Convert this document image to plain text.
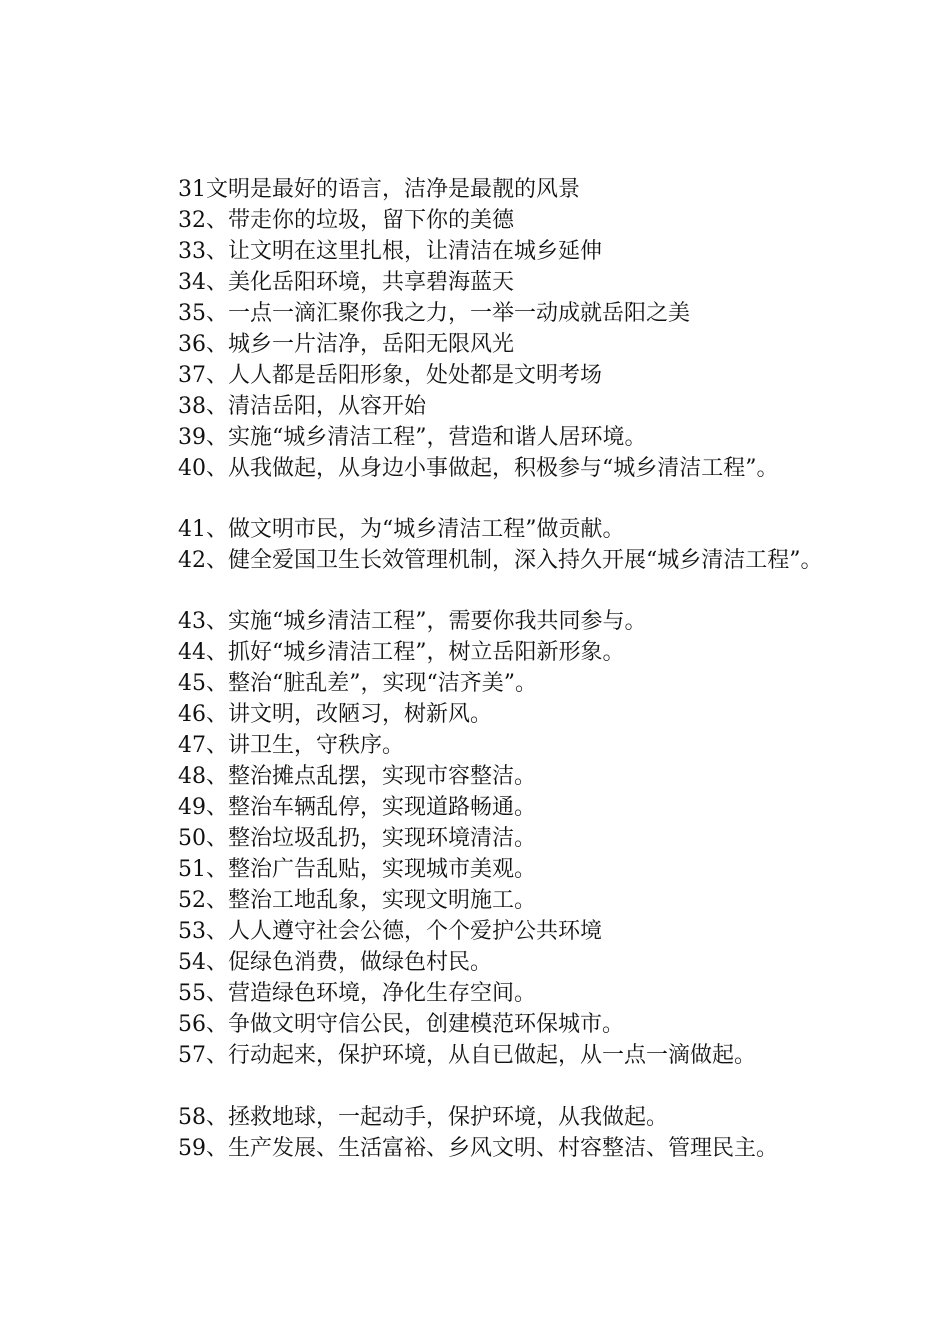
31文明是最好的语言，洁净是最靓的风景
32、带走你的垃圾，留下你的美德
33、让文明在这里扎根，让清洁在城乡延伸
34、美化岳阳环境，共享碧海蓝天
35、一点一滴汇聚你我之力，一举一动成就岳阳之美
36、城乡一片洁净，岳阳无限风光
37、人人都是岳阳形象，处处都是文明考场
38、清洁岳阳，从容开始
39、实施“城乡清洁工程”，营造和谐人居环境。
40、从我做起，从身边小事做起，积极参与“城乡清洁工程”。
41、做文明市民，为“城乡清洁工程”做贡献。
42、健全爱国卫生长效管理机制，深入持久开展“城乡清洁工程”。
43、实施“城乡清洁工程”，需要你我共同参与。
44、抓好“城乡清洁工程”，树立岳阳新形象。
45、整治“脏乱差”，实现“洁齐美”。
46、讲文明，改陋习，树新风。
47、讲卫生，守秩序。
48、整治摊点乱摆，实现市容整洁。
49、整治车辆乱停，实现道路畅通。
50、整治垃圾乱扔，实现环境清洁。
51、整治广告乱贴，实现城市美观。
52、整治工地乱象，实现文明施工。
53、人人遵守社会公德，个个爱护公共环境
54、促绿色消费，做绿色村民。
55、营造绿色环境，净化生存空间。
56、争做文明守信公民，创建模范环保城市。
57、行动起来，保护环境，从自已做起，从一点一滴做起。
58、拯救地球，一起动手，保护环境，从我做起。
59、生产发展、生活富裕、乡风文明、村容整洁、管理民主。
